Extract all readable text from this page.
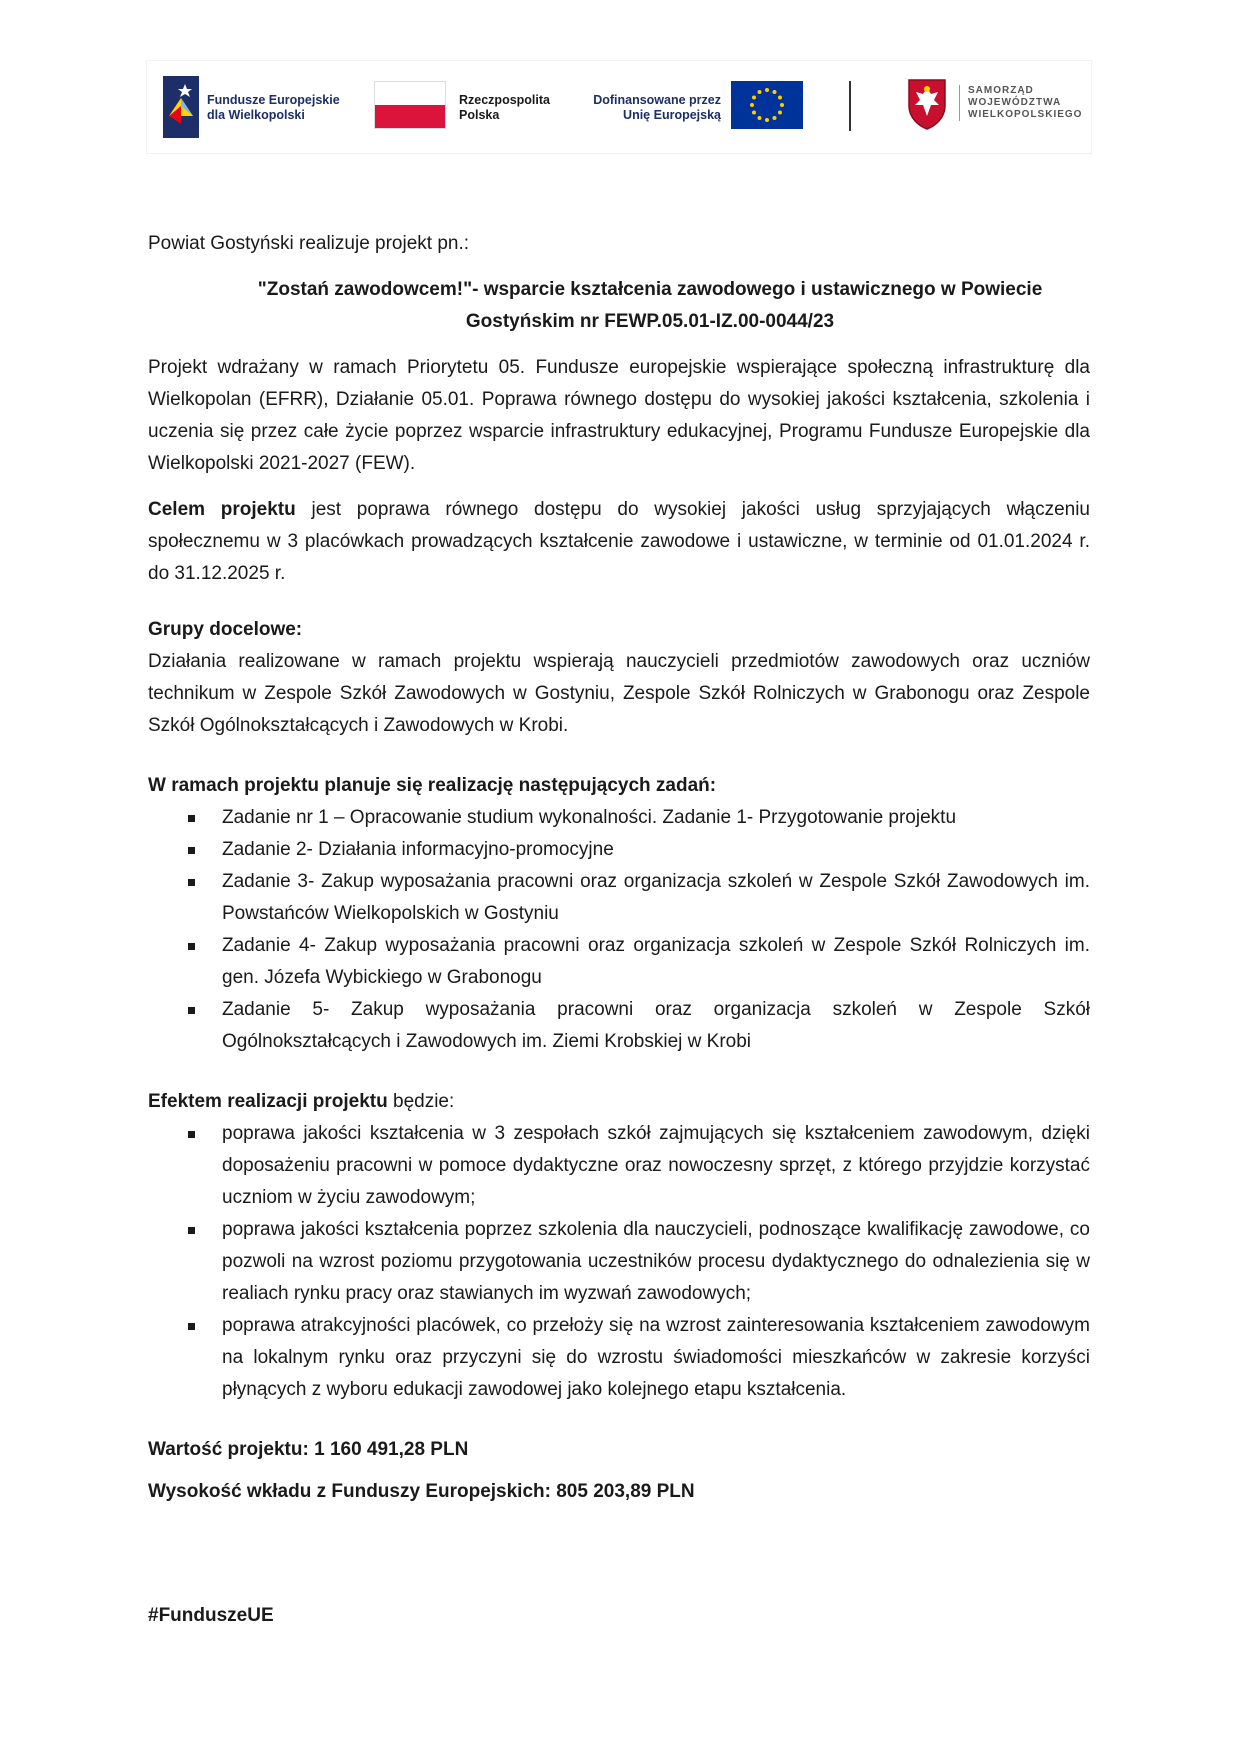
Fundusze Europejskie
dla Wielkopolski
Rzeczpospolita
Polska
Dofinansowane przez
Unię Europejską
SAMORZĄD
WOJEWÓDZTWA
WIELKOPOLSKIEGO

Powiat Gostyński realizuje projekt pn.:

"Zostań zawodowcem!"- wsparcie kształcenia zawodowego i ustawicznego w Powiecie Gostyńskim nr FEWP.05.01-IZ.00-0044/23

Projekt wdrażany w ramach Priorytetu 05. Fundusze europejskie wspierające społeczną infrastrukturę dla Wielkopolan (EFRR), Działanie 05.01. Poprawa równego dostępu do wysokiej jakości kształcenia, szkolenia i uczenia się przez całe życie poprzez wsparcie infrastruktury edukacyjnej, Programu Fundusze Europejskie dla Wielkopolski 2021-2027 (FEW).

Celem projektu jest poprawa równego dostępu do wysokiej jakości usług sprzyjających włączeniu społecznemu w 3 placówkach prowadzących kształcenie zawodowe i ustawiczne, w terminie od 01.01.2024 r. do 31.12.2025 r.

Grupy docelowe:

Działania realizowane w ramach projektu wspierają nauczycieli przedmiotów zawodowych oraz uczniów technikum w Zespole Szkół Zawodowych w Gostyniu, Zespole Szkół Rolniczych w Grabonogu oraz Zespole Szkół Ogólnokształcących i Zawodowych w Krobi.

W ramach projektu planuje się realizację następujących zadań:

Zadanie nr 1 – Opracowanie studium wykonalności. Zadanie 1- Przygotowanie projektu
Zadanie 2- Działania informacyjno-promocyjne
Zadanie 3- Zakup wyposażania pracowni oraz organizacja szkoleń w Zespole Szkół Zawodowych im. Powstańców Wielkopolskich w Gostyniu
Zadanie 4- Zakup wyposażania pracowni oraz organizacja szkoleń w Zespole Szkół Rolniczych im. gen. Józefa Wybickiego w Grabonogu
Zadanie 5- Zakup wyposażania pracowni oraz organizacja szkoleń w Zespole Szkół Ogólnokształcących i Zawodowych im. Ziemi Krobskiej w Krobi

Efektem realizacji projektu będzie:

poprawa jakości kształcenia w 3 zespołach szkół zajmujących się kształceniem zawodowym, dzięki doposażeniu pracowni w pomoce dydaktyczne oraz nowoczesny sprzęt, z którego przyjdzie korzystać uczniom w życiu zawodowym;
poprawa jakości kształcenia poprzez szkolenia dla nauczycieli, podnoszące kwalifikację zawodowe, co pozwoli na wzrost poziomu przygotowania uczestników procesu dydaktycznego do odnalezienia się w realiach rynku pracy oraz stawianych im wyzwań zawodowych;
poprawa atrakcyjności placówek, co przełoży się na wzrost zainteresowania kształceniem zawodowym na lokalnym rynku oraz przyczyni się do wzrostu świadomości mieszkańców w zakresie korzyści płynących z wyboru edukacji zawodowej jako kolejnego etapu kształcenia.

Wartość projektu: 1 160 491,28 PLN

Wysokość wkładu z Funduszy Europejskich: 805 203,89 PLN

#FunduszeUE
